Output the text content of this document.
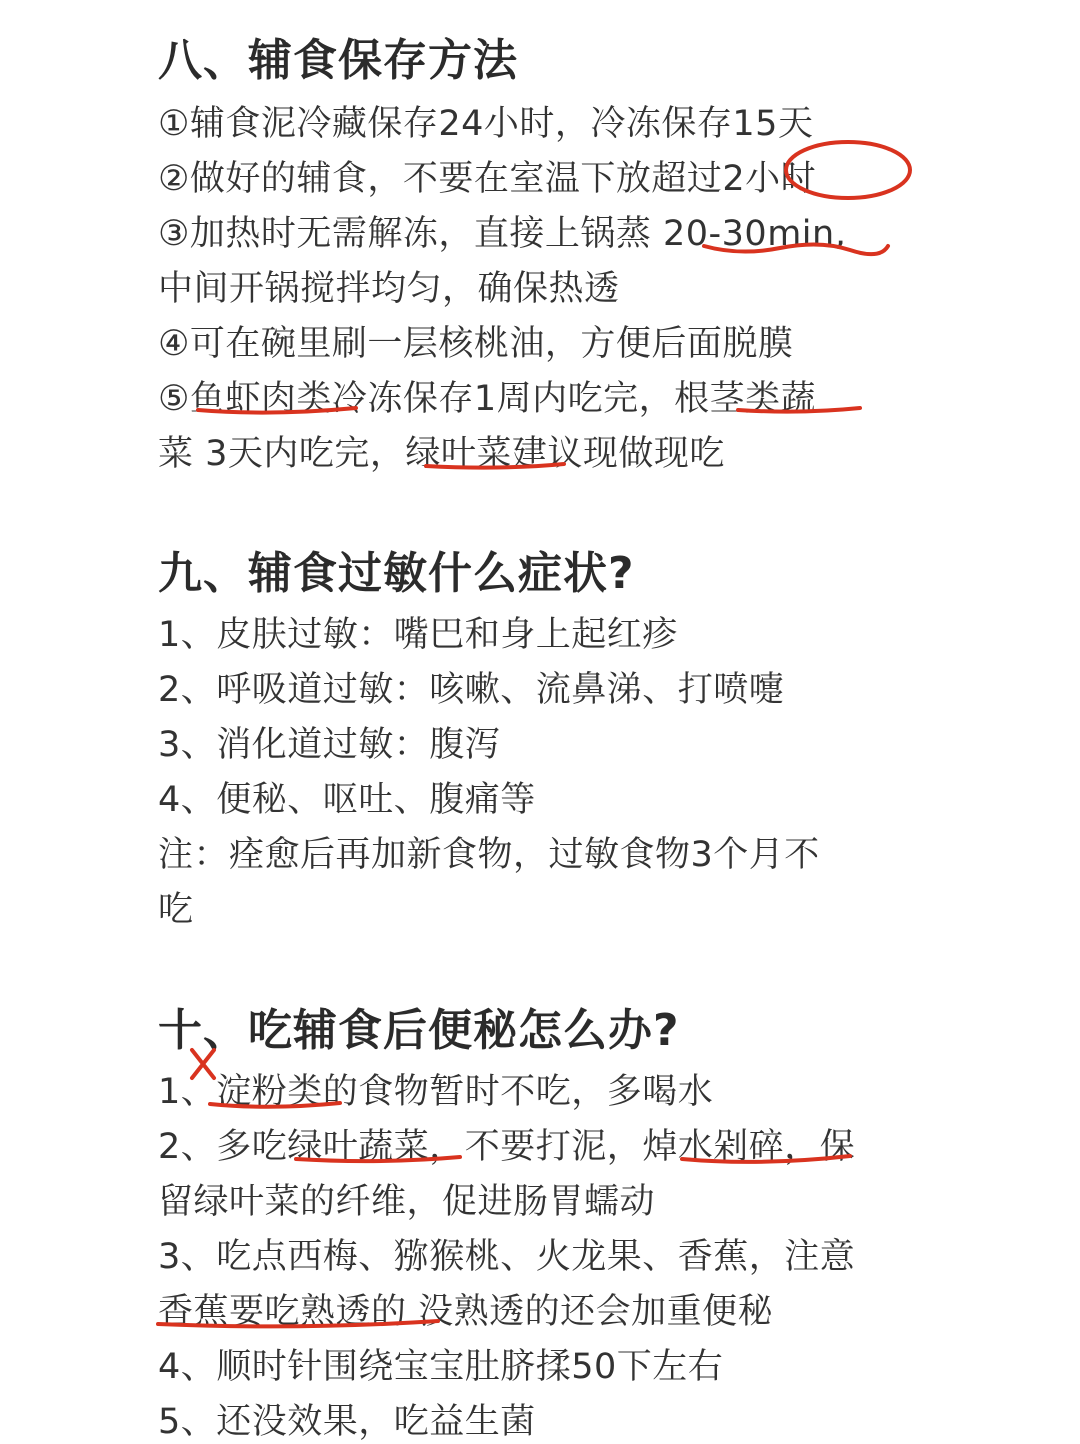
八、辅食保存方法
①辅食泥冷藏保存24小时，冷冻保存15天
②做好的辅食，不要在室温下放超过2小时
③加热时无需解冻，直接上锅蒸 20-30min,
中间开锅搅拌均匀，确保热透
④可在碗里刷一层核桃油，方便后面脱膜
⑤鱼虾肉类冷冻保存1周内吃完，根茎类蔬
菜 3天内吃完，绿叶菜建议现做现吃
九、辅食过敏什么症状?
1、皮肤过敏：嘴巴和身上起红疹
2、呼吸道过敏：咳嗽、流鼻涕、打喷嚏
3、消化道过敏：腹泻
4、便秘、呕吐、腹痛等
注：痊愈后再加新食物，过敏食物3个月不
吃
十、吃辅食后便秘怎么办?
1、淀粉类的食物暂时不吃，多喝水
2、多吃绿叶蔬菜，不要打泥，焯水剁碎，保
留绿叶菜的纤维，促进肠胃蠕动
3、吃点西梅、猕猴桃、火龙果、香蕉，注意
香蕉要吃熟透的 没熟透的还会加重便秘
4、顺时针围绕宝宝肚脐揉50下左右
5、还没效果，吃益生菌
